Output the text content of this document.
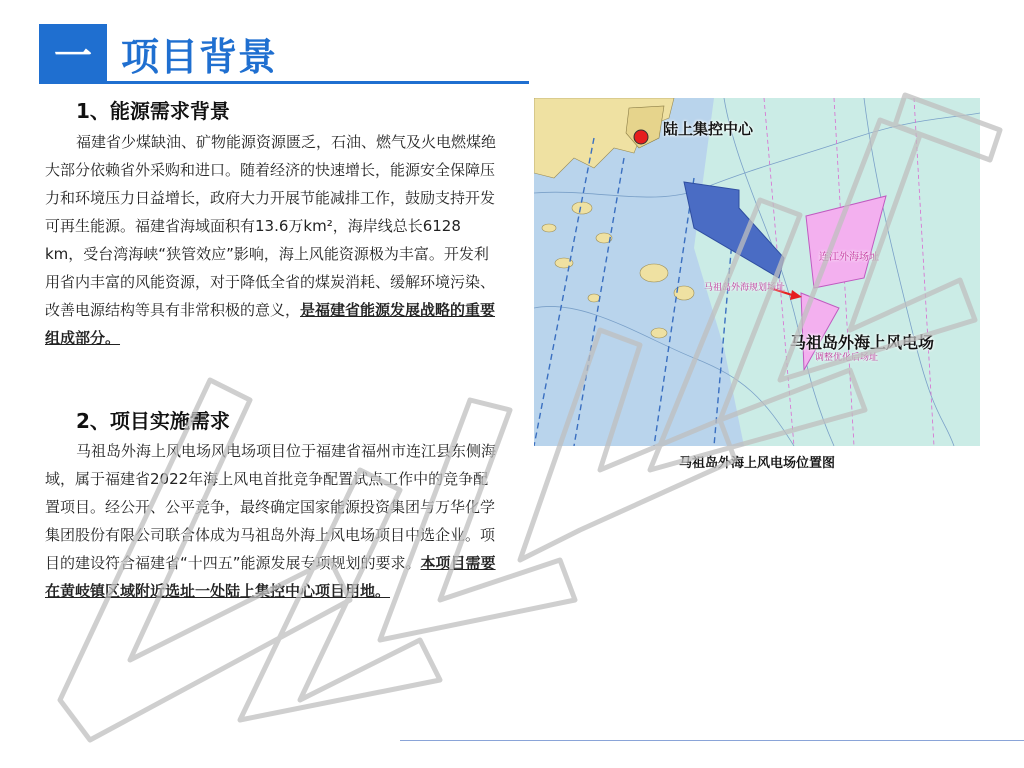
一 项目背景
1、能源需求背景

福建省少煤缺油、矿物能源资源匮乏，石油、燃气及火电燃煤绝大部分依赖省外采购和进口。随着经济的快速增长，能源安全保障压力和环境压力日益增长，政府大力开展节能减排工作，鼓励支持开发可再生能源。福建省海域面积有13.6万km²，海岸线总长6128 km，受台湾海峡“狭管效应”影响，海上风能资源极为丰富。开发利用省内丰富的风能资源，对于降低全省的煤炭消耗、缓解环境污染、改善电源结构等具有非常积极的意义，是福建省能源发展战略的重要组成部分。

2、项目实施需求

马祖岛外海上风电场风电场项目位于福建省福州市连江县东侧海域，属于福建省2022年海上风电首批竞争配置试点工作中的竞争配置项目。经公开、公平竞争，最终确定国家能源投资集团与万华化学集团股份有限公司联合体成为马祖岛外海上风电场项目中选企业。项目的建设符合福建省“十四五”能源发展专项规划的要求。本项目需要在黄岐镇区域附近选址一处陆上集控中心项目用地。

陆上集控中心
连江外海场址
马祖岛外海规划场址
马祖岛外海上风电场
调整优化后场址
马祖岛外海上风电场位置图
